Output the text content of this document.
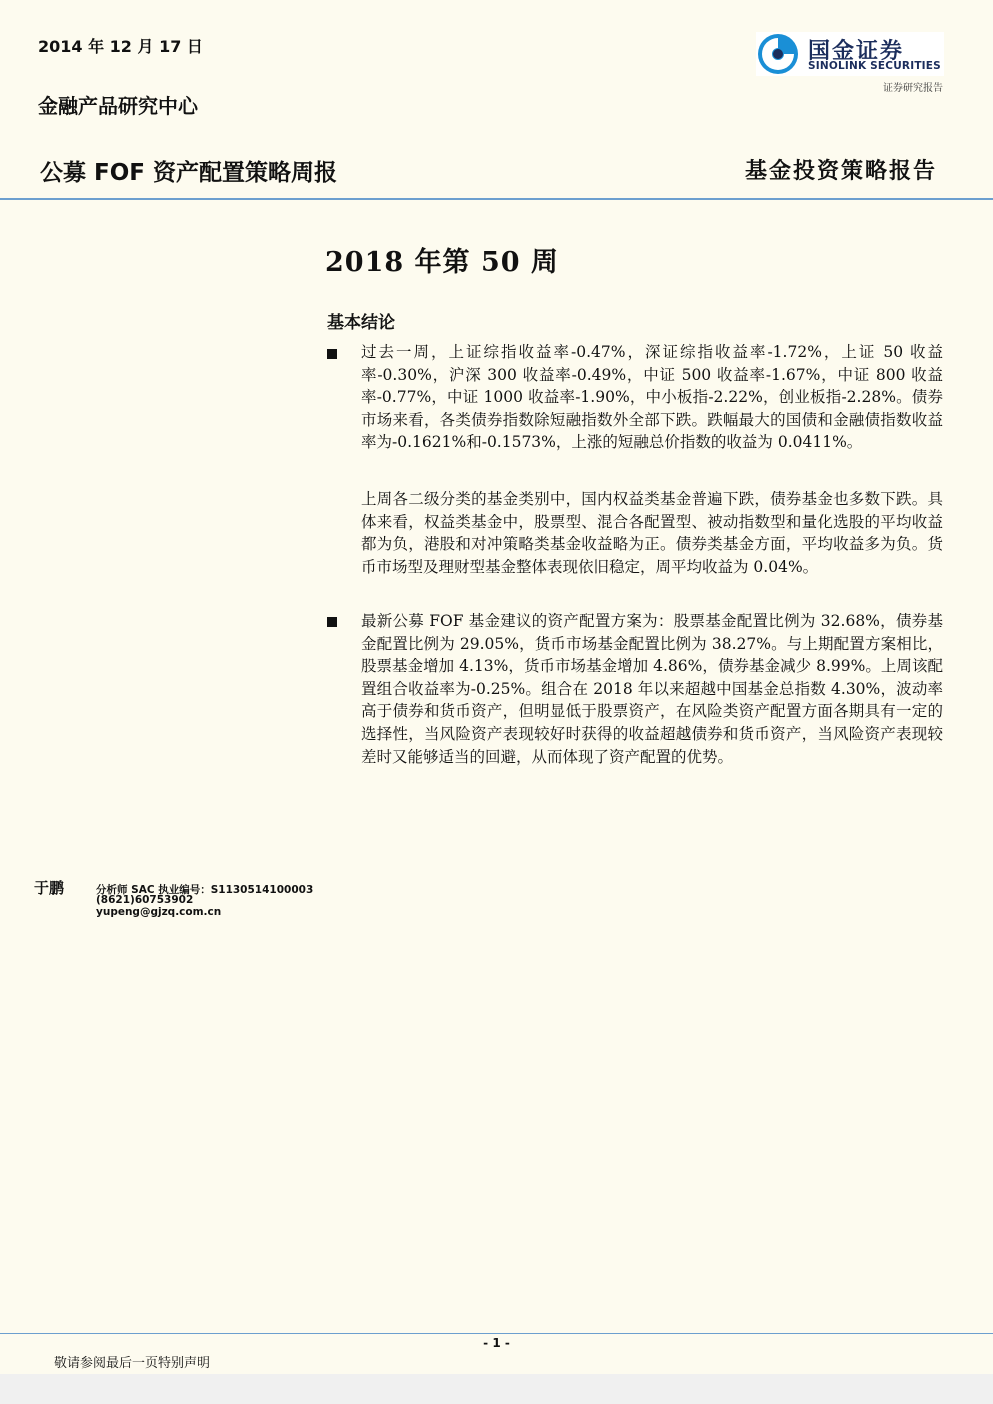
2014 年 12 月 17 日
金融产品研究中心
国金证券
SINOLINK SECURITIES
证券研究报告
公募 FOF 资产配置策略周报	基金投资策略报告
2018 年第 50 周
基本结论

过去一周，上证综指收益率-0.47%，深证综指收益率-1.72%，上证 50 收益率-0.30%，沪深 300 收益率-0.49%，中证 500 收益率-1.67%，中证 800 收益率-0.77%，中证 1000 收益率-1.90%，中小板指-2.22%，创业板指-2.28%。债券市场来看，各类债券指数除短融指数外全部下跌。跌幅最大的国债和金融债指数收益率为-0.1621%和-0.1573%，上涨的短融总价指数的收益为 0.0411%。

上周各二级分类的基金类别中，国内权益类基金普遍下跌，债券基金也多数下跌。具体来看，权益类基金中，股票型、混合各配置型、被动指数型和量化选股的平均收益都为负，港股和对冲策略类基金收益略为正。债券类基金方面，平均收益多为负。货币市场型及理财型基金整体表现依旧稳定，周平均收益为 0.04%。

最新公募 FOF 基金建议的资产配置方案为：股票基金配置比例为 32.68%，债券基金配置比例为 29.05%，货币市场基金配置比例为 38.27%。与上期配置方案相比，股票基金增加 4.13%，货币市场基金增加 4.86%，债券基金减少 8.99%。上周该配置组合收益率为-0.25%。组合在 2018 年以来超越中国基金总指数 4.30%，波动率高于债券和货币资产，但明显低于股票资产，在风险类资产配置方面各期具有一定的选择性，当风险资产表现较好时获得的收益超越债券和货币资产，当风险资产表现较差时又能够适当的回避，从而体现了资产配置的优势。

于鹏	分析师 SAC 执业编号：S1130514100003
(8621)60753902
yupeng@gjzq.com.cn
- 1 -
敬请参阅最后一页特别声明
